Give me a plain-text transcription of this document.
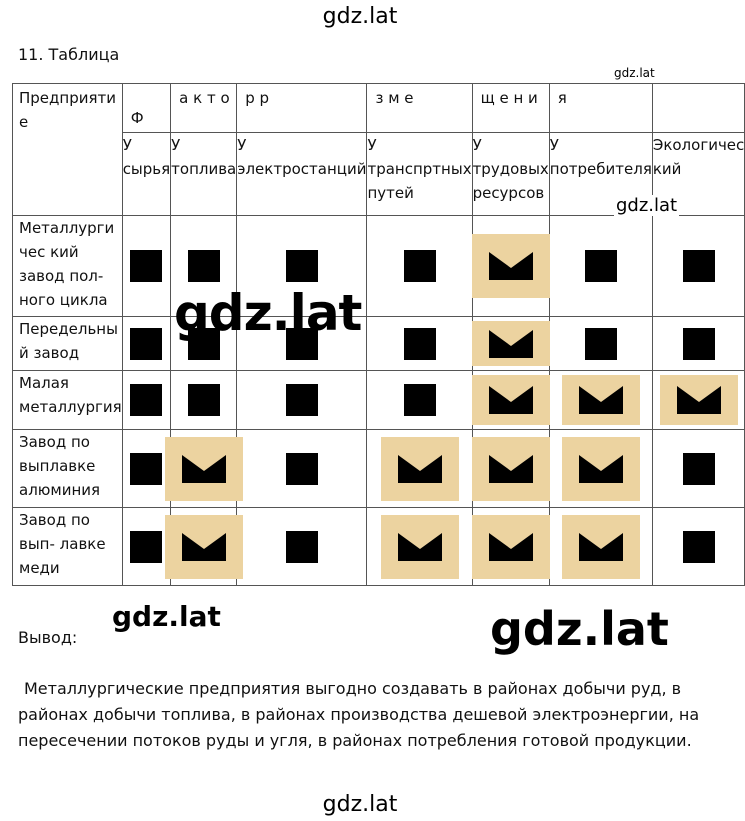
gdz.lat
11. Таблица
Предприяти е	Ф	а к т о	р р	з м е	щ е н и	я	

	У сырья	У топлива	У электростанций	У транспртных путей	У трудовых ресурсов	У потребителя	Экологичес кий
Металлурги чес кий завод пол- ного цикла	

Передельны й завод	

Малая металлургия	

Завод по выплавке алюминия	

Завод по вып- лавке меди	

gdz.lat
gdz.lat
gdz.lat
gdz.lat	gdz.lat
Вывод:
Металлургические предприятия выгодно создавать в районах добычи руд, в районах добычи топлива, в районах производства дешевой электроэнергии, на пересечении потоков руды и угля, в районах потребления готовой продукции.
gdz.lat
